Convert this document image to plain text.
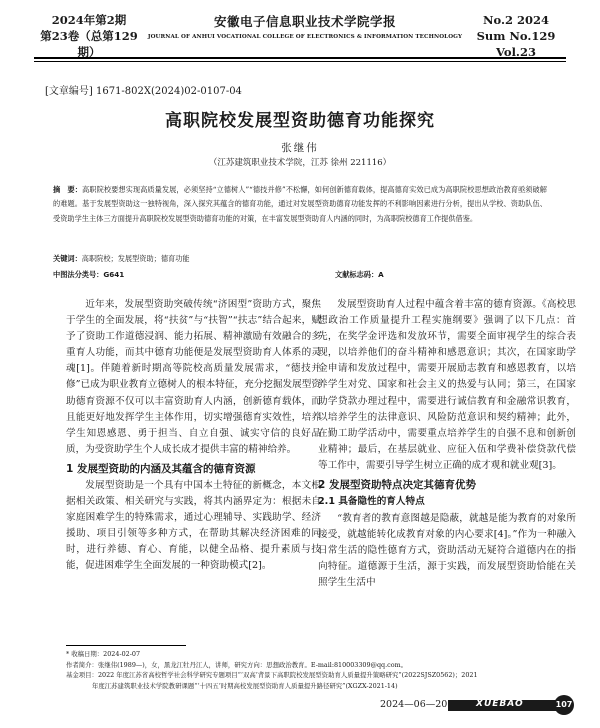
2024年第2期
第23卷（总第129期）
安徽电子信息职业技术学院学报
JOURNAL OF ANHUI VOCATIONAL COLLEGE OF ELECTRONICS & INFORMATION TECHNOLOGY
No.2 2024
Sum No.129 Vol.23
[文章编号] 1671-802X(2024)02-0107-04
高职院校发展型资助德育功能探究
张继伟
（江苏建筑职业技术学院，江苏 徐州 221116）
摘　要：高职院校要想实现高质量发展，必须坚持“立德树人”“德技并修”不松懈，如何创新德育载体，提高德育实效已成为高职院校思想政治教育亟须破解的难题。基于发展型资助这一独特视角，深入探究其蕴含的德育功能，通过对发展型资助德育功能发挥的不利影响因素进行分析，提出从学校、资助队伍、受资助学生主体三方面提升高职院校发展型资助德育功能的对策，在丰富发展型资助育人内涵的同时，为高职院校德育工作提供借鉴。
关键词：高职院校；发展型资助；德育功能
中图法分类号：G641	文献标志码：A

近年来，发展型资助突破传统“济困型”资助方式，聚焦于学生的全面发展，将“扶贫”与“扶智”“扶志”结合起来，赋予了资助工作道德浸润、能力拓展、精神激励有效融合的多重育人功能，而其中德育功能便是发展型资助育人体系的灵魂[1]。伴随着新时期高等院校高质量发展需求，“德技并修”已成为职业教育立德树人的根本特征，充分挖掘发展型资助德育资源不仅可以丰富资助育人内涵，创新德育载体，而且能更好地发挥学生主体作用，切实增强德育实效性，培养学生知恩感恩、勇于担当、自立自强、诚实守信的良好品质，为受资助学生个人成长成才提供丰富的精神给养。

1 发展型资助的内涵及其蕴含的德育资源

发展型资助是一个具有中国本土特征的新概念，本文根据相关政策、相关研究与实践，将其内涵界定为：根据未自家庭困难学生的特殊需求，通过心理辅导、实践助学、经济援助、项目引领等多种方式，在帮助其解决经济困难的同时，进行养德、育心、育能，以健全品格、提升素质与技能，促进困难学生全面发展的一种资助模式[2]。

发展型资助育人过程中蕴含着丰富的德育资源。《高校思想政治工作质量提升工程实施纲要》强调了以下几点：首先，在奖学金评选和发放环节，需要全面审视学生的综合表现，以培养他们的奋斗精神和感恩意识；其次，在国家助学金申请和发放过程中，需要开展励志教育和感恩教育，以培养学生对党、国家和社会主义的热爱与认同；第三，在国家助学贷款办理过程中，需要进行诚信教育和金融常识教育，以培养学生的法律意识、风险防范意识和契约精神；此外，在勤工助学活动中，需要重点培养学生的自强不息和创新创业精神；最后，在基层就业、应征入伍和学费补偿贷款代偿等工作中，需要引导学生树立正确的成才观和就业观[3]。

2 发展型资助特点决定其德育优势
2.1 具备隐性的育人特点

“教育者的教育意图越是隐蔽，就越是能为教育的对象所接受，就越能转化成教育对象的内心要求[4]。”作为一种融入日常生活的隐性德育方式，资助活动无疑符合道德内在的指向特征。道德源于生活，源于实践，而发展型资助恰能在关照学生生活中

* 收稿日期：2024-02-07
作者简介：张继伟(1989—)，女，黑龙江牡丹江人，讲师，研究方向：思想政治教育。E-mail:810003309@qq.com。
基金项目：2022 年度江苏省高校哲学社会科学研究专题项目“‘双高’背景下高职院校发展型资助育人质量提升策略研究”(2022SJSZ0562)；2021
年度江苏建筑职业技术学院教研课题“‘十四五’时期高校发展型资助育人质量提升路径研究”(XGZX-2021-14)
2024—06—20	XUEBAO	107
